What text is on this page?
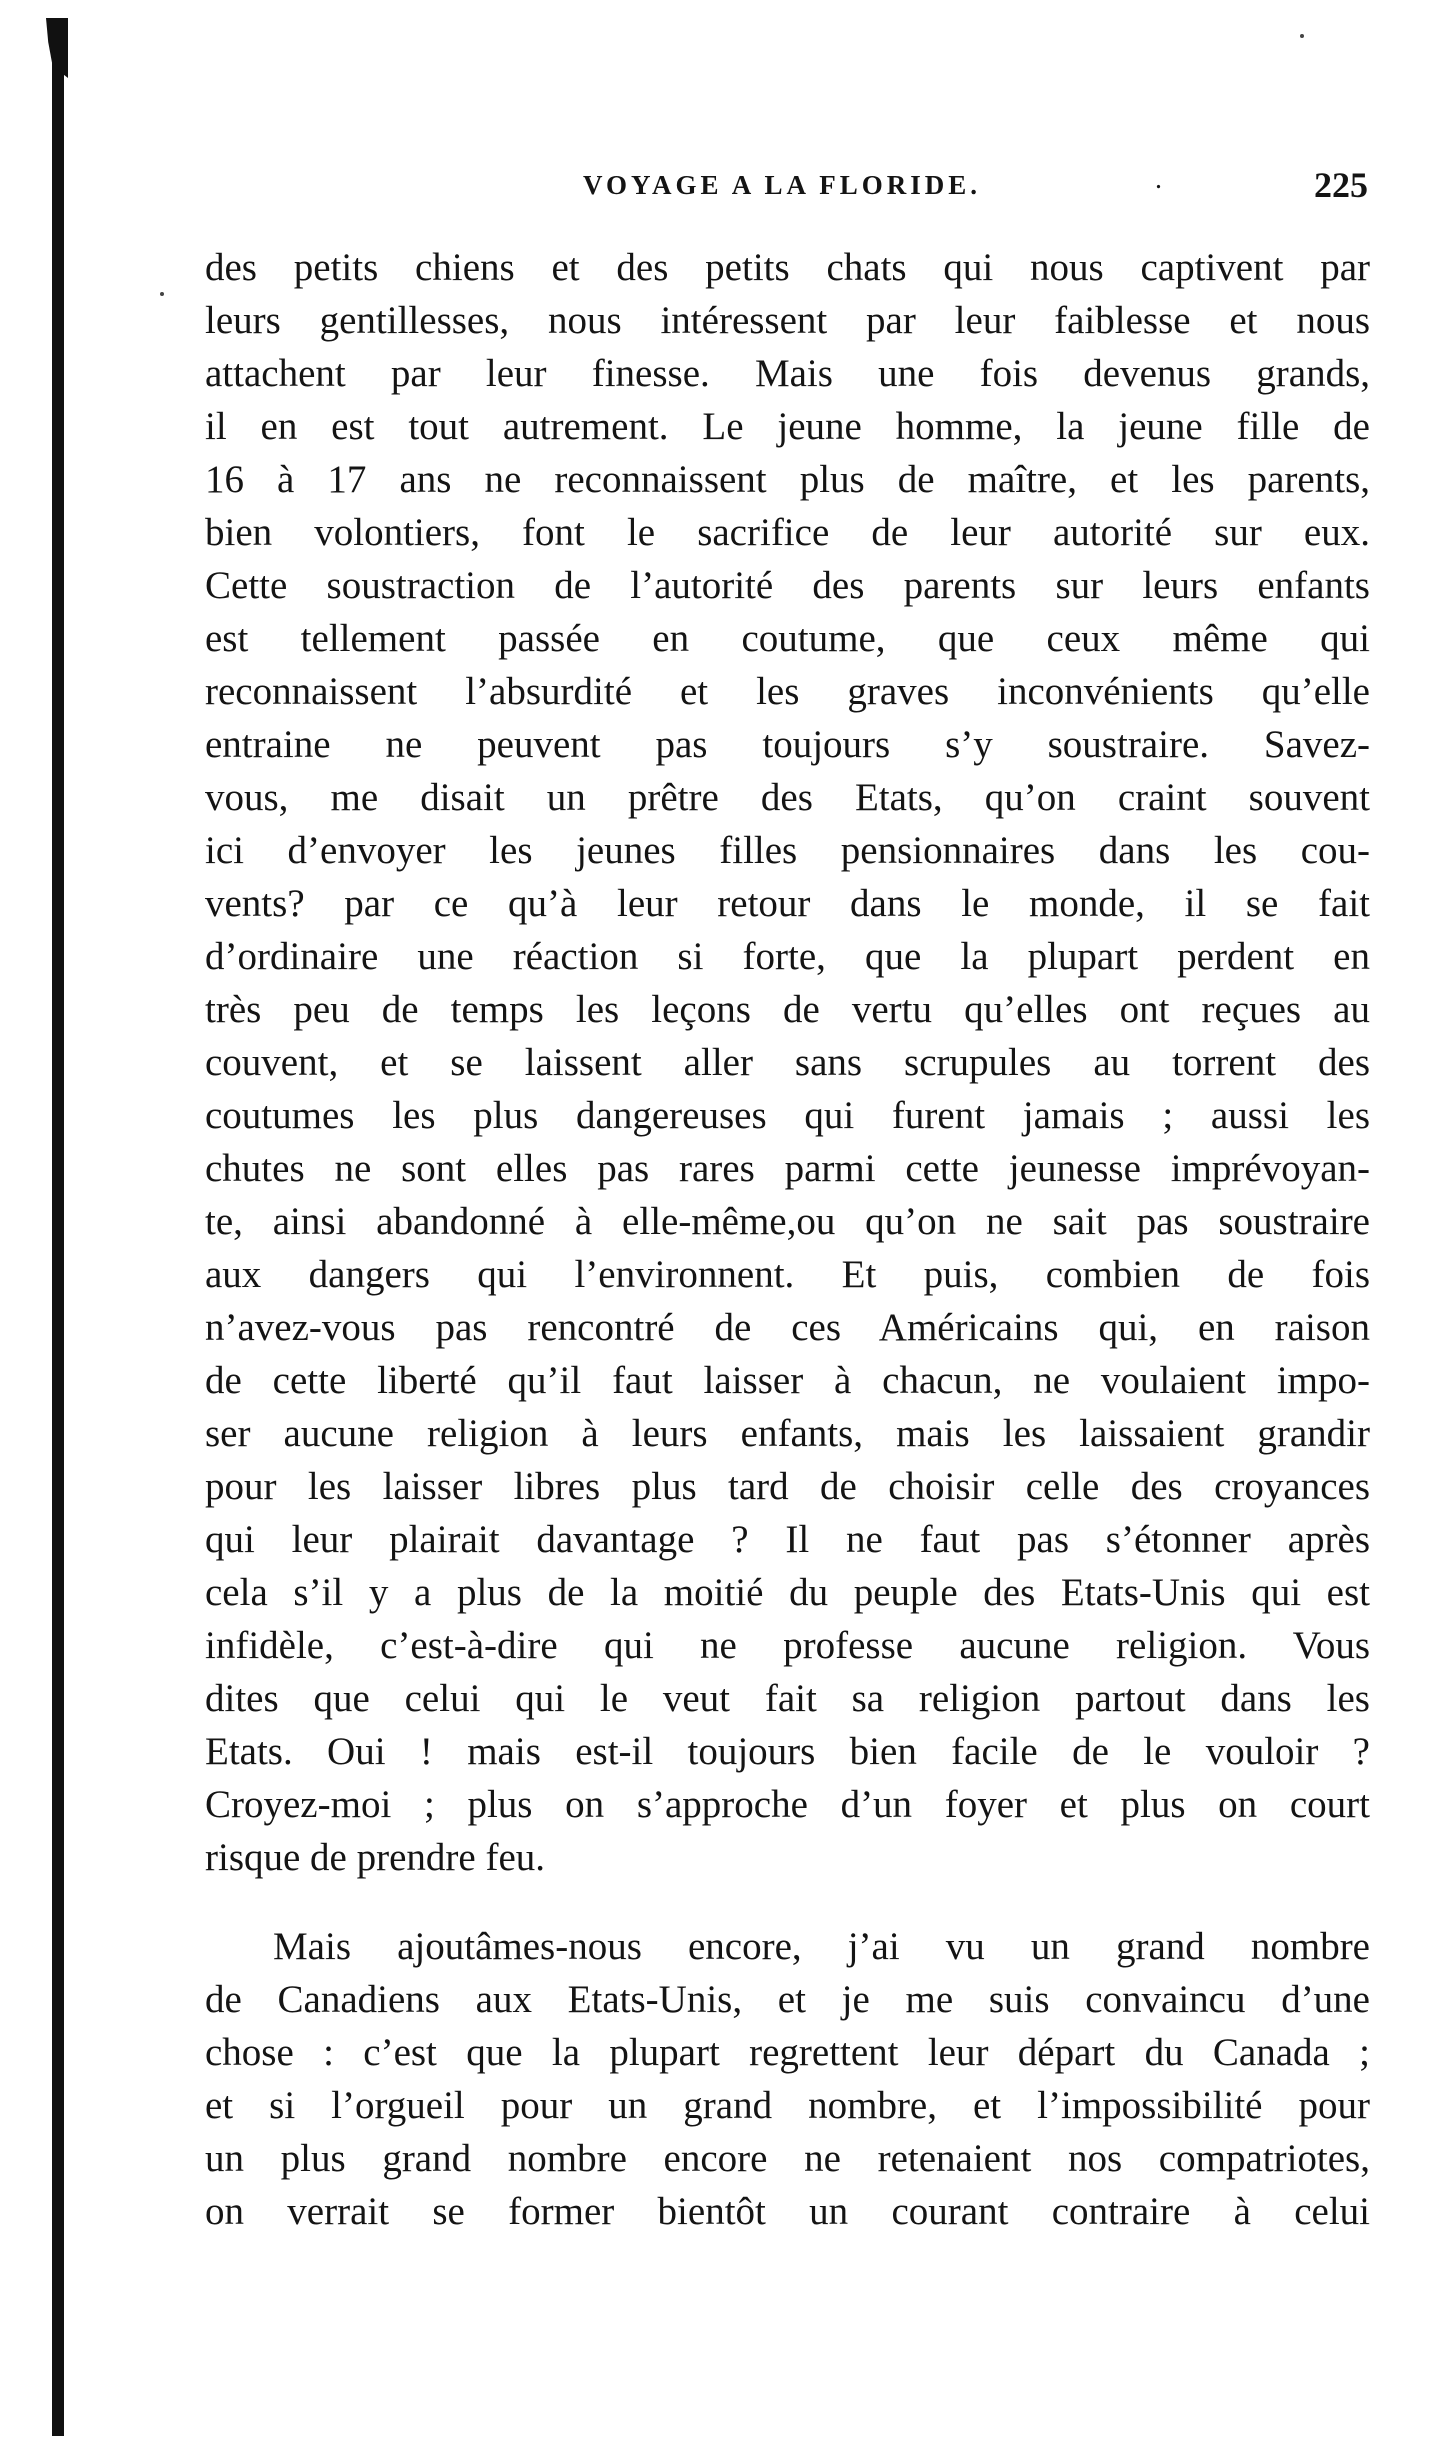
VOYAGE A LA FLORIDE.	.	225
des petits chiens et des petits chats qui nous captivent par
leurs gentillesses, nous intéressent par leur faiblesse et nous
attachent par leur finesse. Mais une fois devenus grands,
il en est tout autrement. Le jeune homme, la jeune fille de
16 à 17 ans ne reconnaissent plus de maître, et les parents,
bien volontiers, font le sacrifice de leur autorité sur eux.
Cette soustraction de l’autorité des parents sur leurs enfants
est tellement passée en coutume, que ceux même qui
reconnaissent l’absurdité et les graves inconvénients qu’elle
entraine ne peuvent pas toujours s’y soustraire. Savez-
vous, me disait un prêtre des Etats, qu’on craint souvent
ici d’envoyer les jeunes filles pensionnaires dans les cou-
vents? par ce qu’à leur retour dans le monde, il se fait
d’ordinaire une réaction si forte, que la plupart perdent en
très peu de temps les leçons de vertu qu’elles ont reçues au
couvent, et se laissent aller sans scrupules au torrent des
coutumes les plus dangereuses qui furent jamais ; aussi les
chutes ne sont elles pas rares parmi cette jeunesse imprévoyan-
te, ainsi abandonné à elle-même,ou qu’on ne sait pas soustraire
aux dangers qui l’environnent. Et puis, combien de fois
n’avez-vous pas rencontré de ces Américains qui, en raison
de cette liberté qu’il faut laisser à chacun, ne voulaient impo-
ser aucune religion à leurs enfants, mais les laissaient grandir
pour les laisser libres plus tard de choisir celle des croyances
qui leur plairait davantage ? Il ne faut pas s’étonner après
cela s’il y a plus de la moitié du peuple des Etats-Unis qui est
infidèle, c’est-à-dire qui ne professe aucune religion. Vous
dites que celui qui le veut fait sa religion partout dans les
Etats. Oui ! mais est-il toujours bien facile de le vouloir ?
Croyez-moi ; plus on s’approche d’un foyer et plus on court
risque de prendre feu.
Mais ajoutâmes-nous encore, j’ai vu un grand nombre
de Canadiens aux Etats-Unis, et je me suis convaincu d’une
chose : c’est que la plupart regrettent leur départ du Canada ;
et si l’orgueil pour un grand nombre, et l’impossibilité pour
un plus grand nombre encore ne retenaient nos compatriotes,
on verrait se former bientôt un courant contraire à celui
